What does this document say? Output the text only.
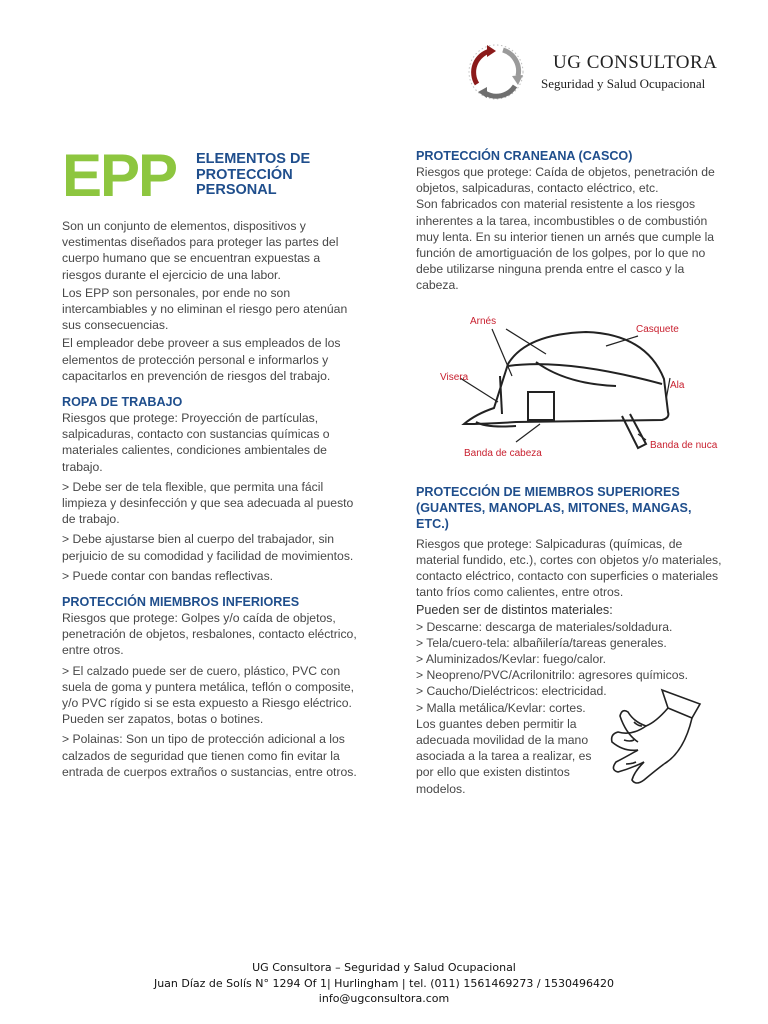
UG CONSULTORA
Seguridad y Salud Ocupacional
EPP ELEMENTOS DE
PROTECCIÓN
PERSONAL

Son un conjunto de elementos, dispositivos y vestimentas diseñados para proteger las partes del cuerpo humano que se encuentran expuestas a riesgos durante el ejercicio de una labor.

Los EPP son personales, por ende no son intercambiables y no eliminan el riesgo pero atenúan sus consecuencias.

El empleador debe proveer a sus empleados de los elementos de protección personal e informarlos y capacitarlos en prevención de riesgos del trabajo.

ROPA DE TRABAJO

Riesgos que protege: Proyección de partículas, salpicaduras, contacto con sustancias químicas o materiales calientes, condiciones ambientales de trabajo.

> Debe ser de tela flexible, que permita una fácil limpieza y desinfección y que sea adecuada al puesto de trabajo.

> Debe ajustarse bien al cuerpo del trabajador, sin perjuicio de su comodidad y facilidad de movimientos.

> Puede contar con bandas reflectivas.

PROTECCIÓN MIEMBROS INFERIORES

Riesgos que protege: Golpes y/o caída de objetos, penetración de objetos, resbalones, contacto eléctrico, entre otros.

> El calzado puede ser de cuero, plástico, PVC con suela de goma y puntera metálica, teflón o composite, y/o PVC rígido si se esta expuesto a Riesgo eléctrico.

Pueden ser zapatos, botas o botines.

> Polainas: Son un tipo de protección adicional a los calzados de seguridad que tienen como fin evitar la entrada de cuerpos extraños o sustancias, entre otros.

PROTECCIÓN CRANEANA (CASCO)

Riesgos que protege: Caída de objetos, penetración de objetos, salpicaduras, contacto eléctrico, etc.

Son fabricados con material resistente a los riesgos inherentes a la tarea, incombustibles o de combustión muy lenta. En su interior tienen un arnés que cumple la función de amortiguación de los golpes, por lo que no debe utilizarse ninguna prenda entre el casco y la cabeza.

Arnés
Casquete
Visera
Ala
Banda de cabeza
Banda de nuca

PROTECCIÓN DE MIEMBROS SUPERIORES (GUANTES, MANOPLAS, MITONES, MANGAS, ETC.)

Riesgos que protege: Salpicaduras (químicas, de material fundido, etc.), cortes con objetos y/o materiales, contacto eléctrico, contacto con superficies o materiales tanto fríos como calientes, entre otros.

Pueden ser de distintos materiales:

> Descarne: descarga de materiales/soldadura.

> Tela/cuero-tela: albañilería/tareas generales.

> Aluminizados/Kevlar: fuego/calor.

> Neopreno/PVC/Acrilonitrilo: agresores químicos.

> Caucho/Dieléctricos: electricidad.

> Malla metálica/Kevlar: cortes.

Los guantes deben permitir la adecuada movilidad de la mano asociada a la tarea a realizar, es por ello que existen distintos modelos.

UG Consultora – Seguridad y Salud Ocupacional
Juan Díaz de Solís N° 1294 Of 1| Hurlingham | tel. (011) 1561469273 / 1530496420
info@ugconsultora.com
